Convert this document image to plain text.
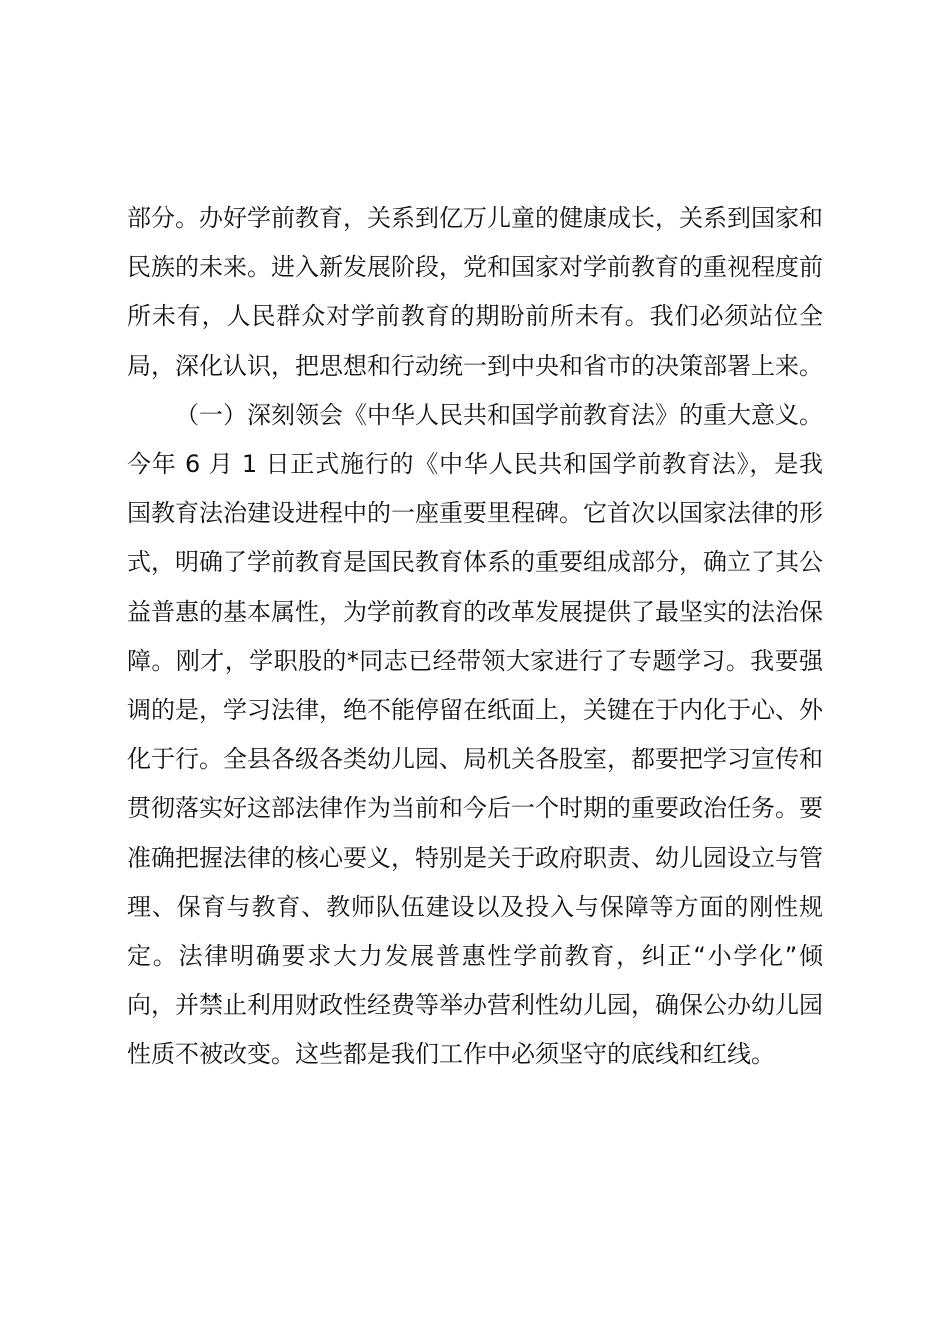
部分。办好学前教育，关系到亿万儿童的健康成长，关系到国家和民族的未来。进入新发展阶段，党和国家对学前教育的重视程度前所未有，人民群众对学前教育的期盼前所未有。我们必须站位全局，深化认识，把思想和行动统一到中央和省市的决策部署上来。

（一）深刻领会《中华人民共和国学前教育法》的重大意义。今年 6 月 1 日正式施行的《中华人民共和国学前教育法》，是我国教育法治建设进程中的一座重要里程碑。它首次以国家法律的形式，明确了学前教育是国民教育体系的重要组成部分，确立了其公益普惠的基本属性，为学前教育的改革发展提供了最坚实的法治保障。刚才，学职股的*同志已经带领大家进行了专题学习。我要强调的是，学习法律，绝不能停留在纸面上，关键在于内化于心、外化于行。全县各级各类幼儿园、局机关各股室，都要把学习宣传和贯彻落实好这部法律作为当前和今后一个时期的重要政治任务。要准确把握法律的核心要义，特别是关于政府职责、幼儿园设立与管理、保育与教育、教师队伍建设以及投入与保障等方面的刚性规定。法律明确要求大力发展普惠性学前教育，纠正“小学化”倾向，并禁止利用财政性经费等举办营利性幼儿园，确保公办幼儿园性质不被改变。这些都是我们工作中必须坚守的底线和红线。
